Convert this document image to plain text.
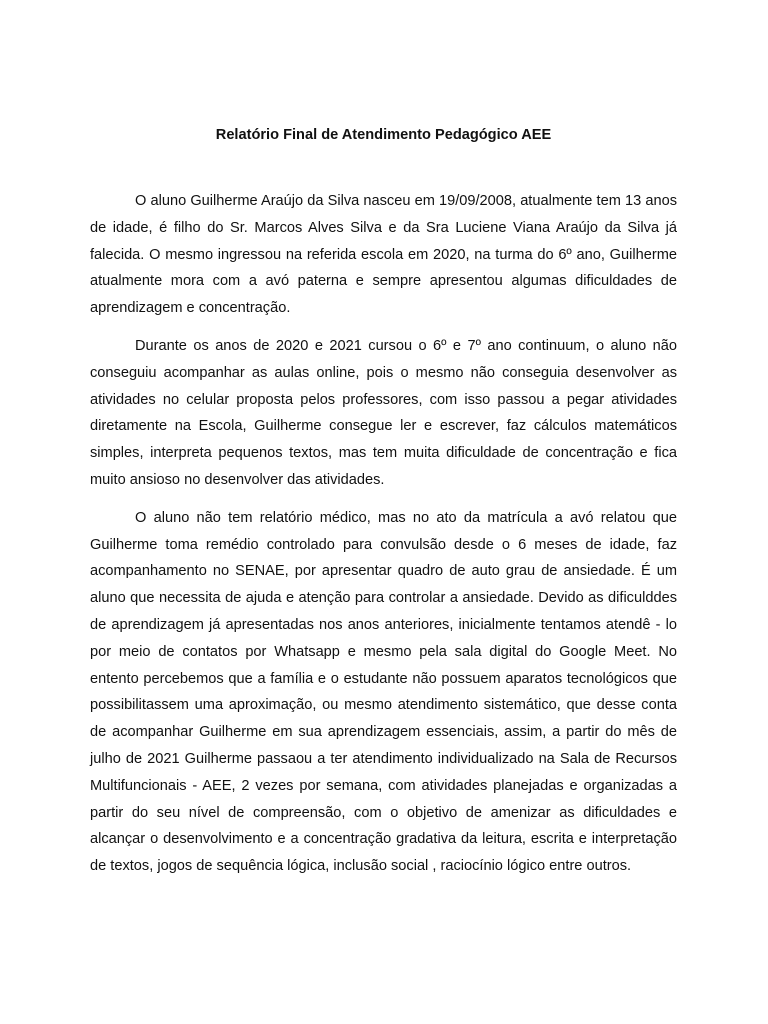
Relatório Final de Atendimento Pedagógico AEE

O aluno Guilherme Araújo da Silva nasceu em 19/09/2008, atualmente tem 13 anos de idade, é filho do Sr. Marcos Alves Silva e da Sra Luciene Viana Araújo da Silva já falecida. O mesmo ingressou na referida escola em 2020, na turma do 6º ano, Guilherme atualmente mora com a avó paterna e sempre apresentou algumas dificuldades de aprendizagem e concentração.

Durante os anos de 2020 e 2021 cursou o 6º e 7º ano continuum, o aluno não conseguiu acompanhar as aulas online, pois o mesmo não conseguia desenvolver as atividades no celular proposta pelos professores, com isso passou a pegar atividades diretamente na Escola, Guilherme consegue ler e escrever, faz cálculos matemáticos simples, interpreta pequenos textos, mas tem muita dificuldade de concentração e fica muito ansioso no desenvolver das atividades.

O aluno não tem relatório médico, mas no ato da matrícula a avó relatou que Guilherme toma remédio controlado para convulsão desde o 6 meses de idade, faz acompanhamento no SENAE, por apresentar quadro de auto grau de ansiedade. É um aluno que necessita de ajuda e atenção para controlar a ansiedade. Devido as dificulddes de aprendizagem já apresentadas nos anos anteriores, inicialmente tentamos atendê - lo por meio de contatos por Whatsapp e mesmo pela sala digital do Google Meet. No entento percebemos que a família e o estudante não possuem aparatos tecnológicos que possibilitassem uma aproximação, ou mesmo atendimento sistemático, que desse conta de acompanhar Guilherme em sua aprendizagem essenciais, assim, a partir do mês de julho de 2021 Guilherme passaou a ter atendimento individualizado na Sala de Recursos Multifuncionais - AEE, 2 vezes por semana, com atividades planejadas e organizadas a partir do seu nível de compreensão, com o objetivo de amenizar as dificuldades e alcançar o desenvolvimento e a concentração gradativa da leitura, escrita e interpretação de textos, jogos de sequência lógica, inclusão social , raciocínio lógico entre outros.
